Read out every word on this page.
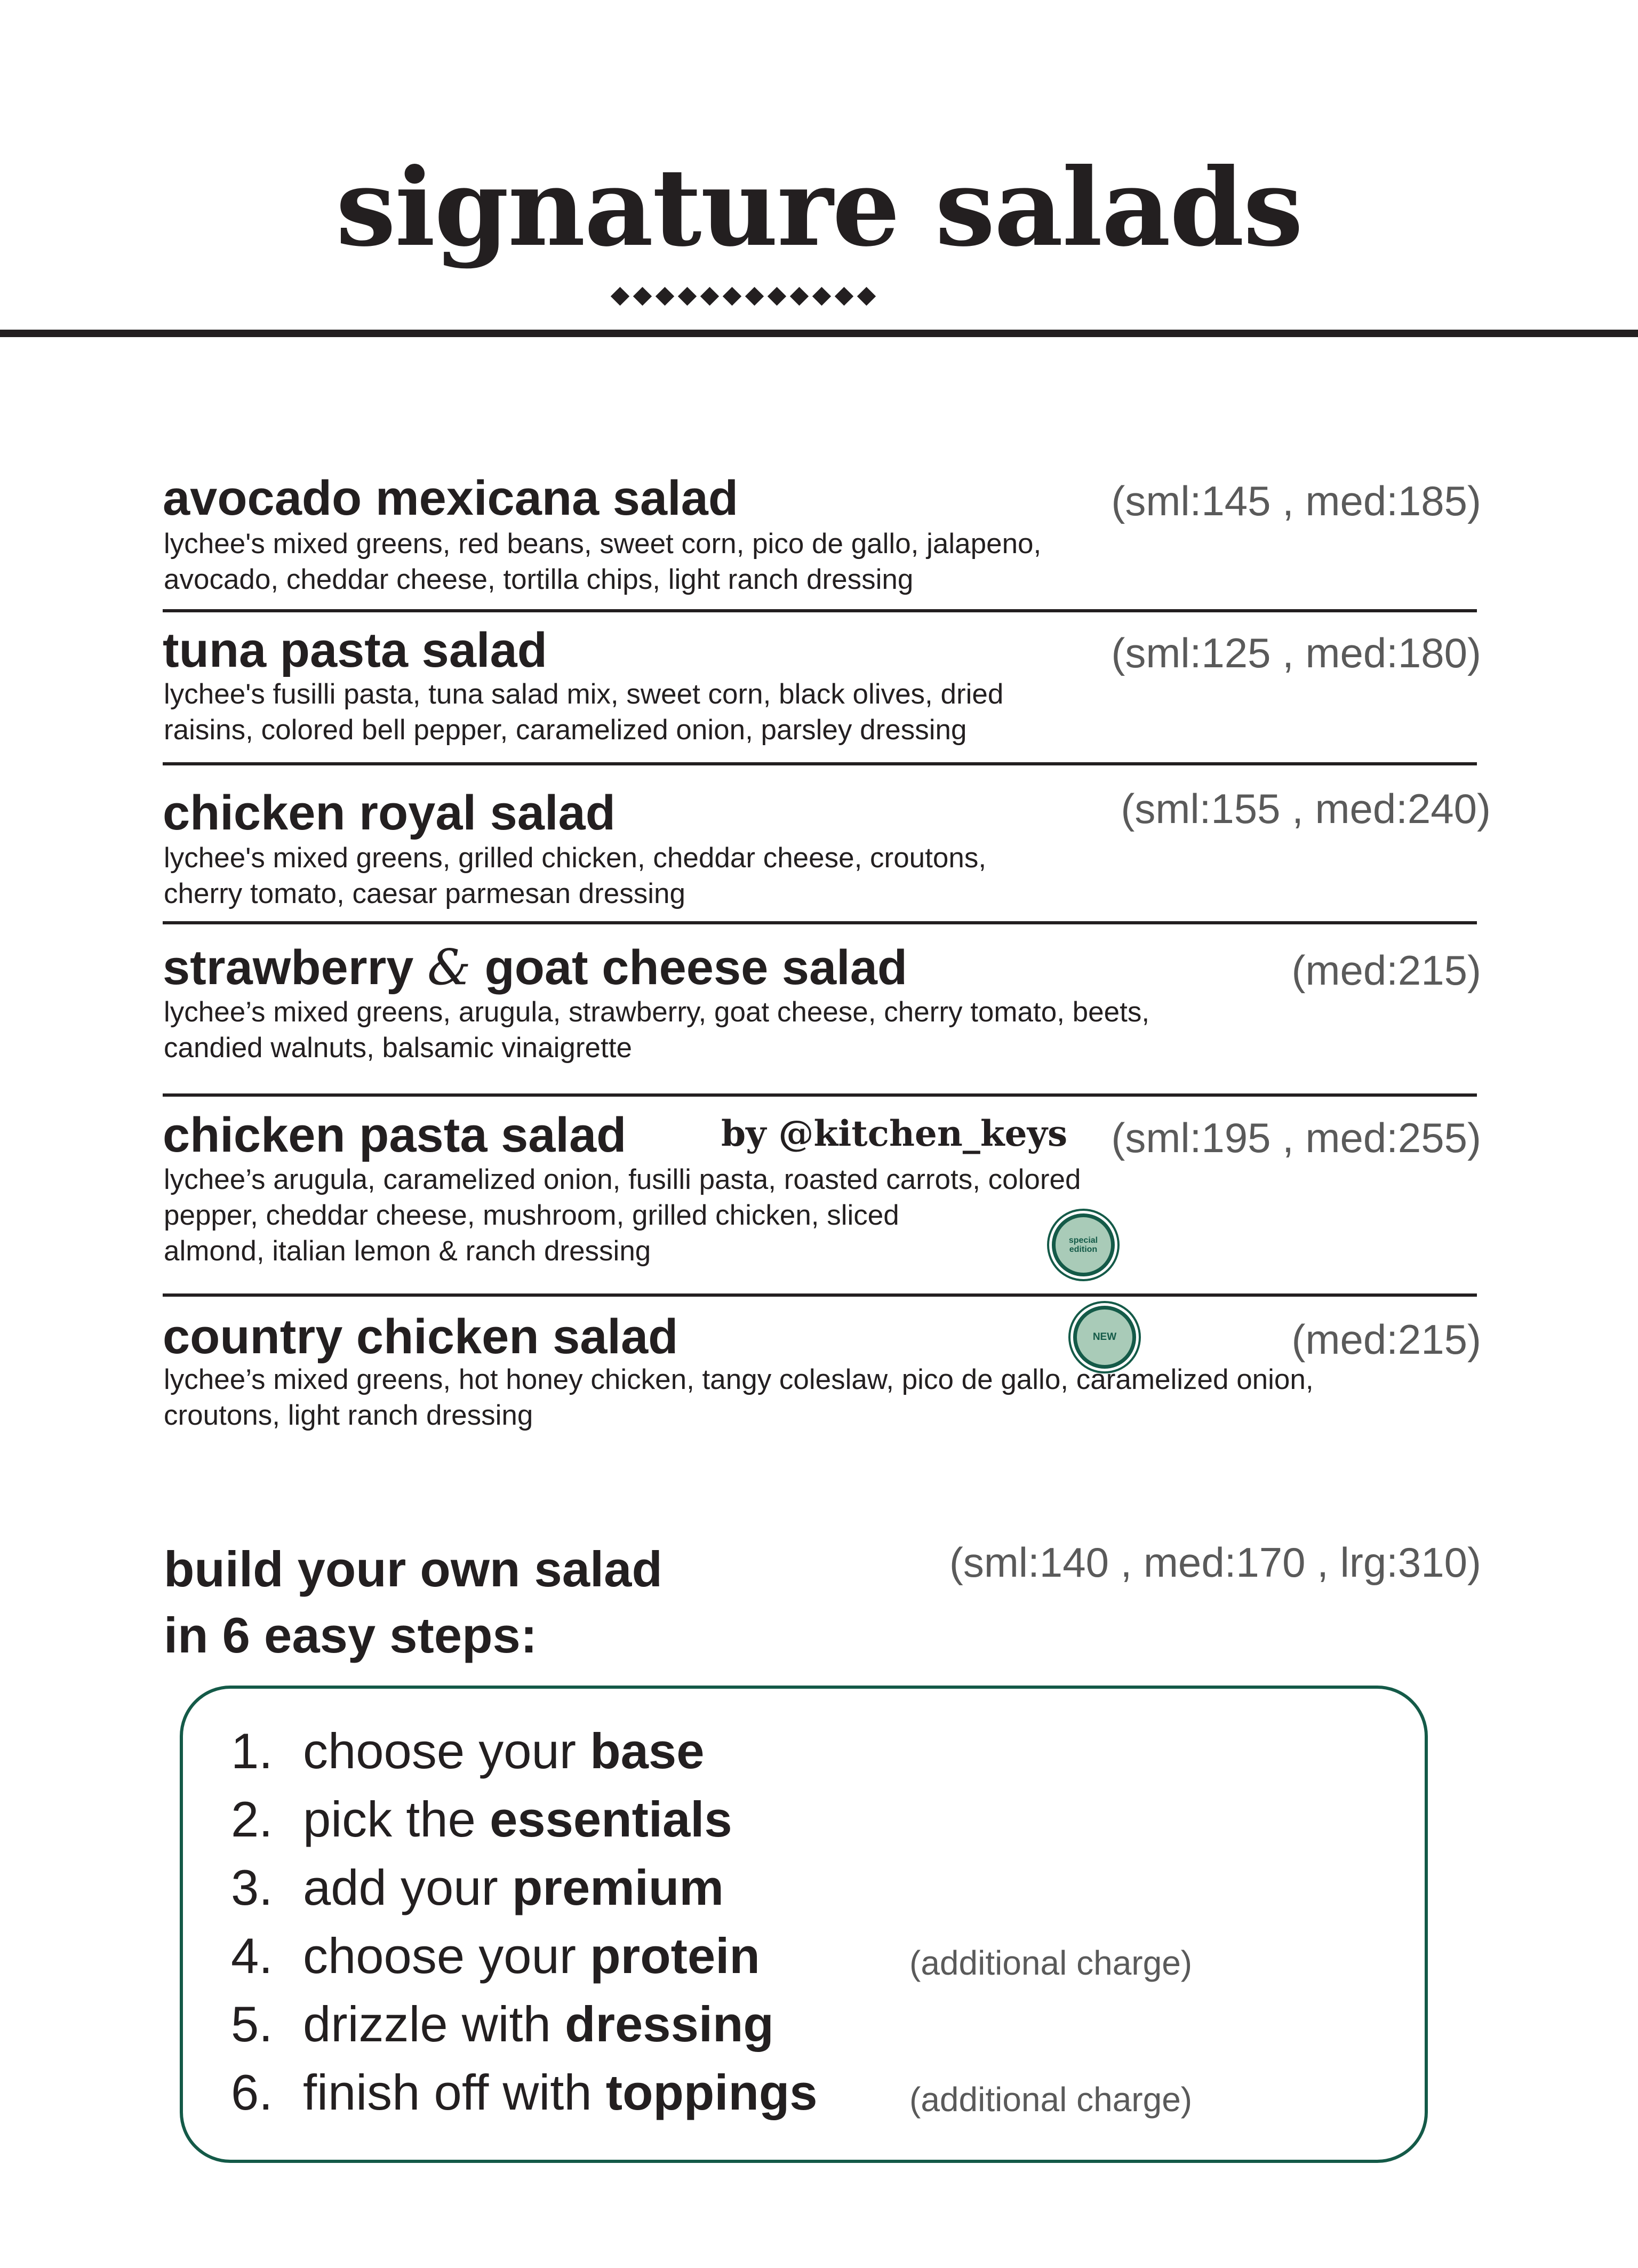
signature salads
avocado mexicana salad	(sml:145 , med:185)
lychee's mixed greens, red beans, sweet corn, pico de gallo, jalapeno,
avocado, cheddar cheese, tortilla chips, light ranch dressing
tuna pasta salad	(sml:125 , med:180)
lychee's fusilli pasta, tuna salad mix, sweet corn, black olives, dried
raisins, colored bell pepper, caramelized onion, parsley dressing
chicken royal salad	(sml:155 , med:240)
lychee's mixed greens, grilled chicken, cheddar cheese, croutons,
cherry tomato, caesar parmesan dressing
strawberry & goat cheese salad	(med:215)
lychee’s mixed greens, arugula, strawberry, goat cheese, cherry tomato, beets,
candied walnuts, balsamic vinaigrette
chicken pasta salad	by @kitchen_keys (sml:195 , med:255)
lychee’s arugula, caramelized onion, fusilli pasta, roasted carrots, colored
pepper, cheddar cheese, mushroom, grilled chicken, sliced
almond, italian lemon & ranch dressing	special
edition
country chicken salad	NEW	(med:215)
lychee’s mixed greens, hot honey chicken, tangy coleslaw, pico de gallo, caramelized onion,
croutons, light ranch dressing
build your own salad
in 6 easy steps:
(sml:140 , med:170 , lrg:310)
1. choose your base
2. pick the essentials
3. add your premium
4. choose your protein	(additional charge)
5. drizzle with dressing
6. finish off with toppings	(additional charge)
